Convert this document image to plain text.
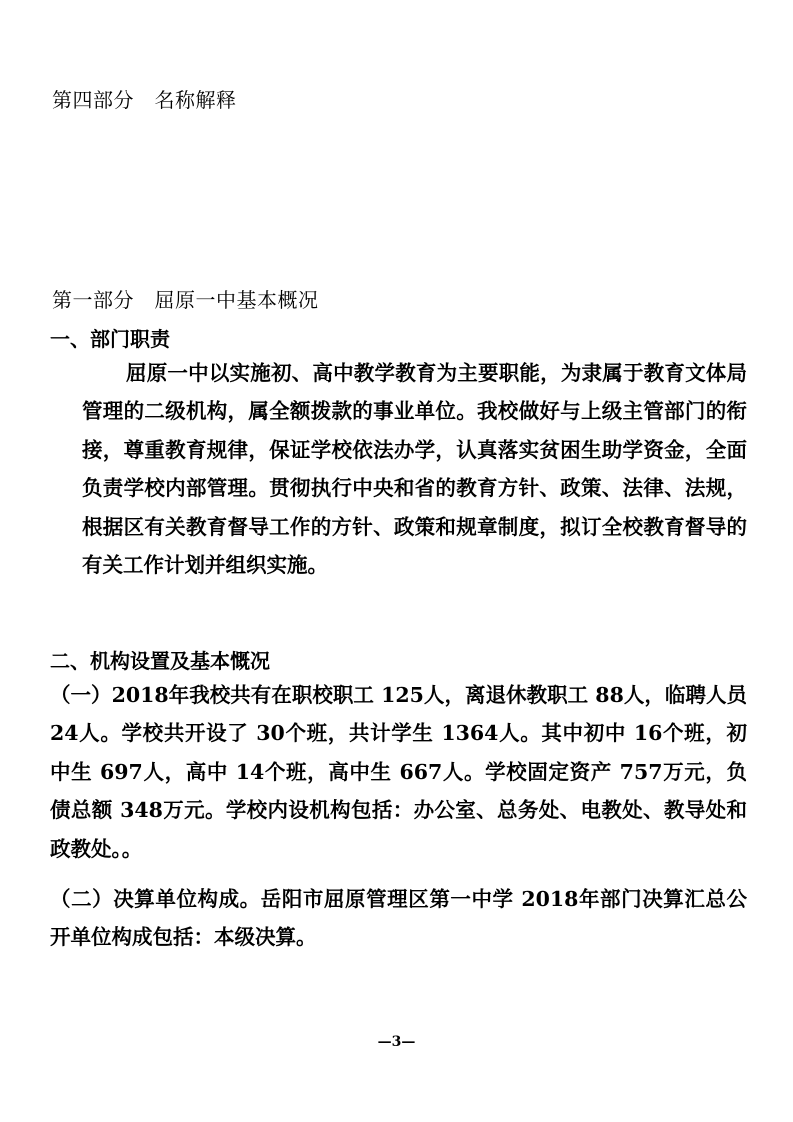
第四部分　名称解释
第一部分　屈原一中基本概况
一、部门职责

屈原一中以实施初、高中教学教育为主要职能，为隶属于教育文体局管理的二级机构，属全额拨款的事业单位。我校做好与上级主管部门的衔接，尊重教育规律，保证学校依法办学，认真落实贫困生助学资金，全面负责学校内部管理。贯彻执行中央和省的教育方针、政策、法律、法规，根据区有关教育督导工作的方针、政策和规章制度，拟订全校教育督导的有关工作计划并组织实施。

二、机构设置及基本慨况

（一）2018年我校共有在职校职工 125人，离退休教职工 88人，临聘人员 24人。学校共开设了 30个班，共计学生 1364人。其中初中 16个班，初中生 697人，高中 14个班，高中生 667人。学校固定资产 757万元，负债总额 348万元。学校内设机构包括：办公室、总务处、电教处、教导处和政教处。。

（二）决算单位构成。岳阳市屈原管理区第一中学 2018年部门决算汇总公开单位构成包括：本级决算。

—3—
